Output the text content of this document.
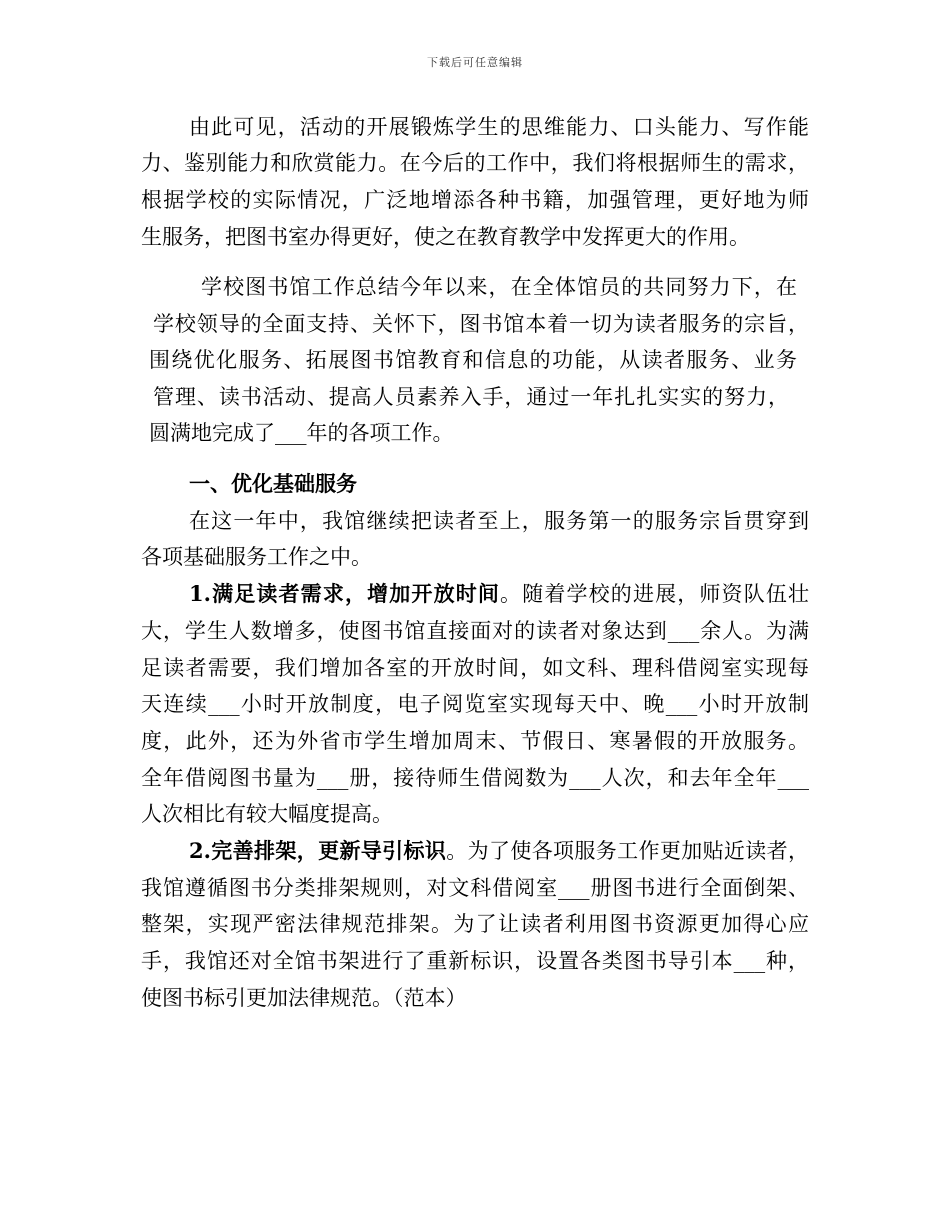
下载后可任意编辑
由此可见，活动的开展锻炼学生的思维能力、口头能力、写作能
力、鉴别能力和欣赏能力。在今后的工作中，我们将根据师生的需求，
根据学校的实际情况，广泛地增添各种书籍，加强管理，更好地为师
生服务，把图书室办得更好，使之在教育教学中发挥更大的作用。
学校图书馆工作总结今年以来，在全体馆员的共同努力下，在
学校领导的全面支持、关怀下，图书馆本着一切为读者服务的宗旨，
围绕优化服务、拓展图书馆教育和信息的功能，从读者服务、业务
管理、读书活动、提高人员素养入手，通过一年扎扎实实的努力，
圆满地完成了___年的各项工作。
一、优化基础服务
在这一年中，我馆继续把读者至上，服务第一的服务宗旨贯穿到
各项基础服务工作之中。
1.满足读者需求，增加开放时间。随着学校的进展，师资队伍壮
大，学生人数增多，使图书馆直接面对的读者对象达到___余人。为满
足读者需要，我们增加各室的开放时间，如文科、理科借阅室实现每
天连续___小时开放制度，电子阅览室实现每天中、晚___小时开放制
度，此外，还为外省市学生增加周末、节假日、寒暑假的开放服务。
全年借阅图书量为___册，接待师生借阅数为___人次，和去年全年___
人次相比有较大幅度提高。
2.完善排架，更新导引标识。为了使各项服务工作更加贴近读者，
我馆遵循图书分类排架规则，对文科借阅室___册图书进行全面倒架、
整架，实现严密法律规范排架。为了让读者利用图书资源更加得心应
手，我馆还对全馆书架进行了重新标识，设置各类图书导引本___种，
使图书标引更加法律规范。（范本）
